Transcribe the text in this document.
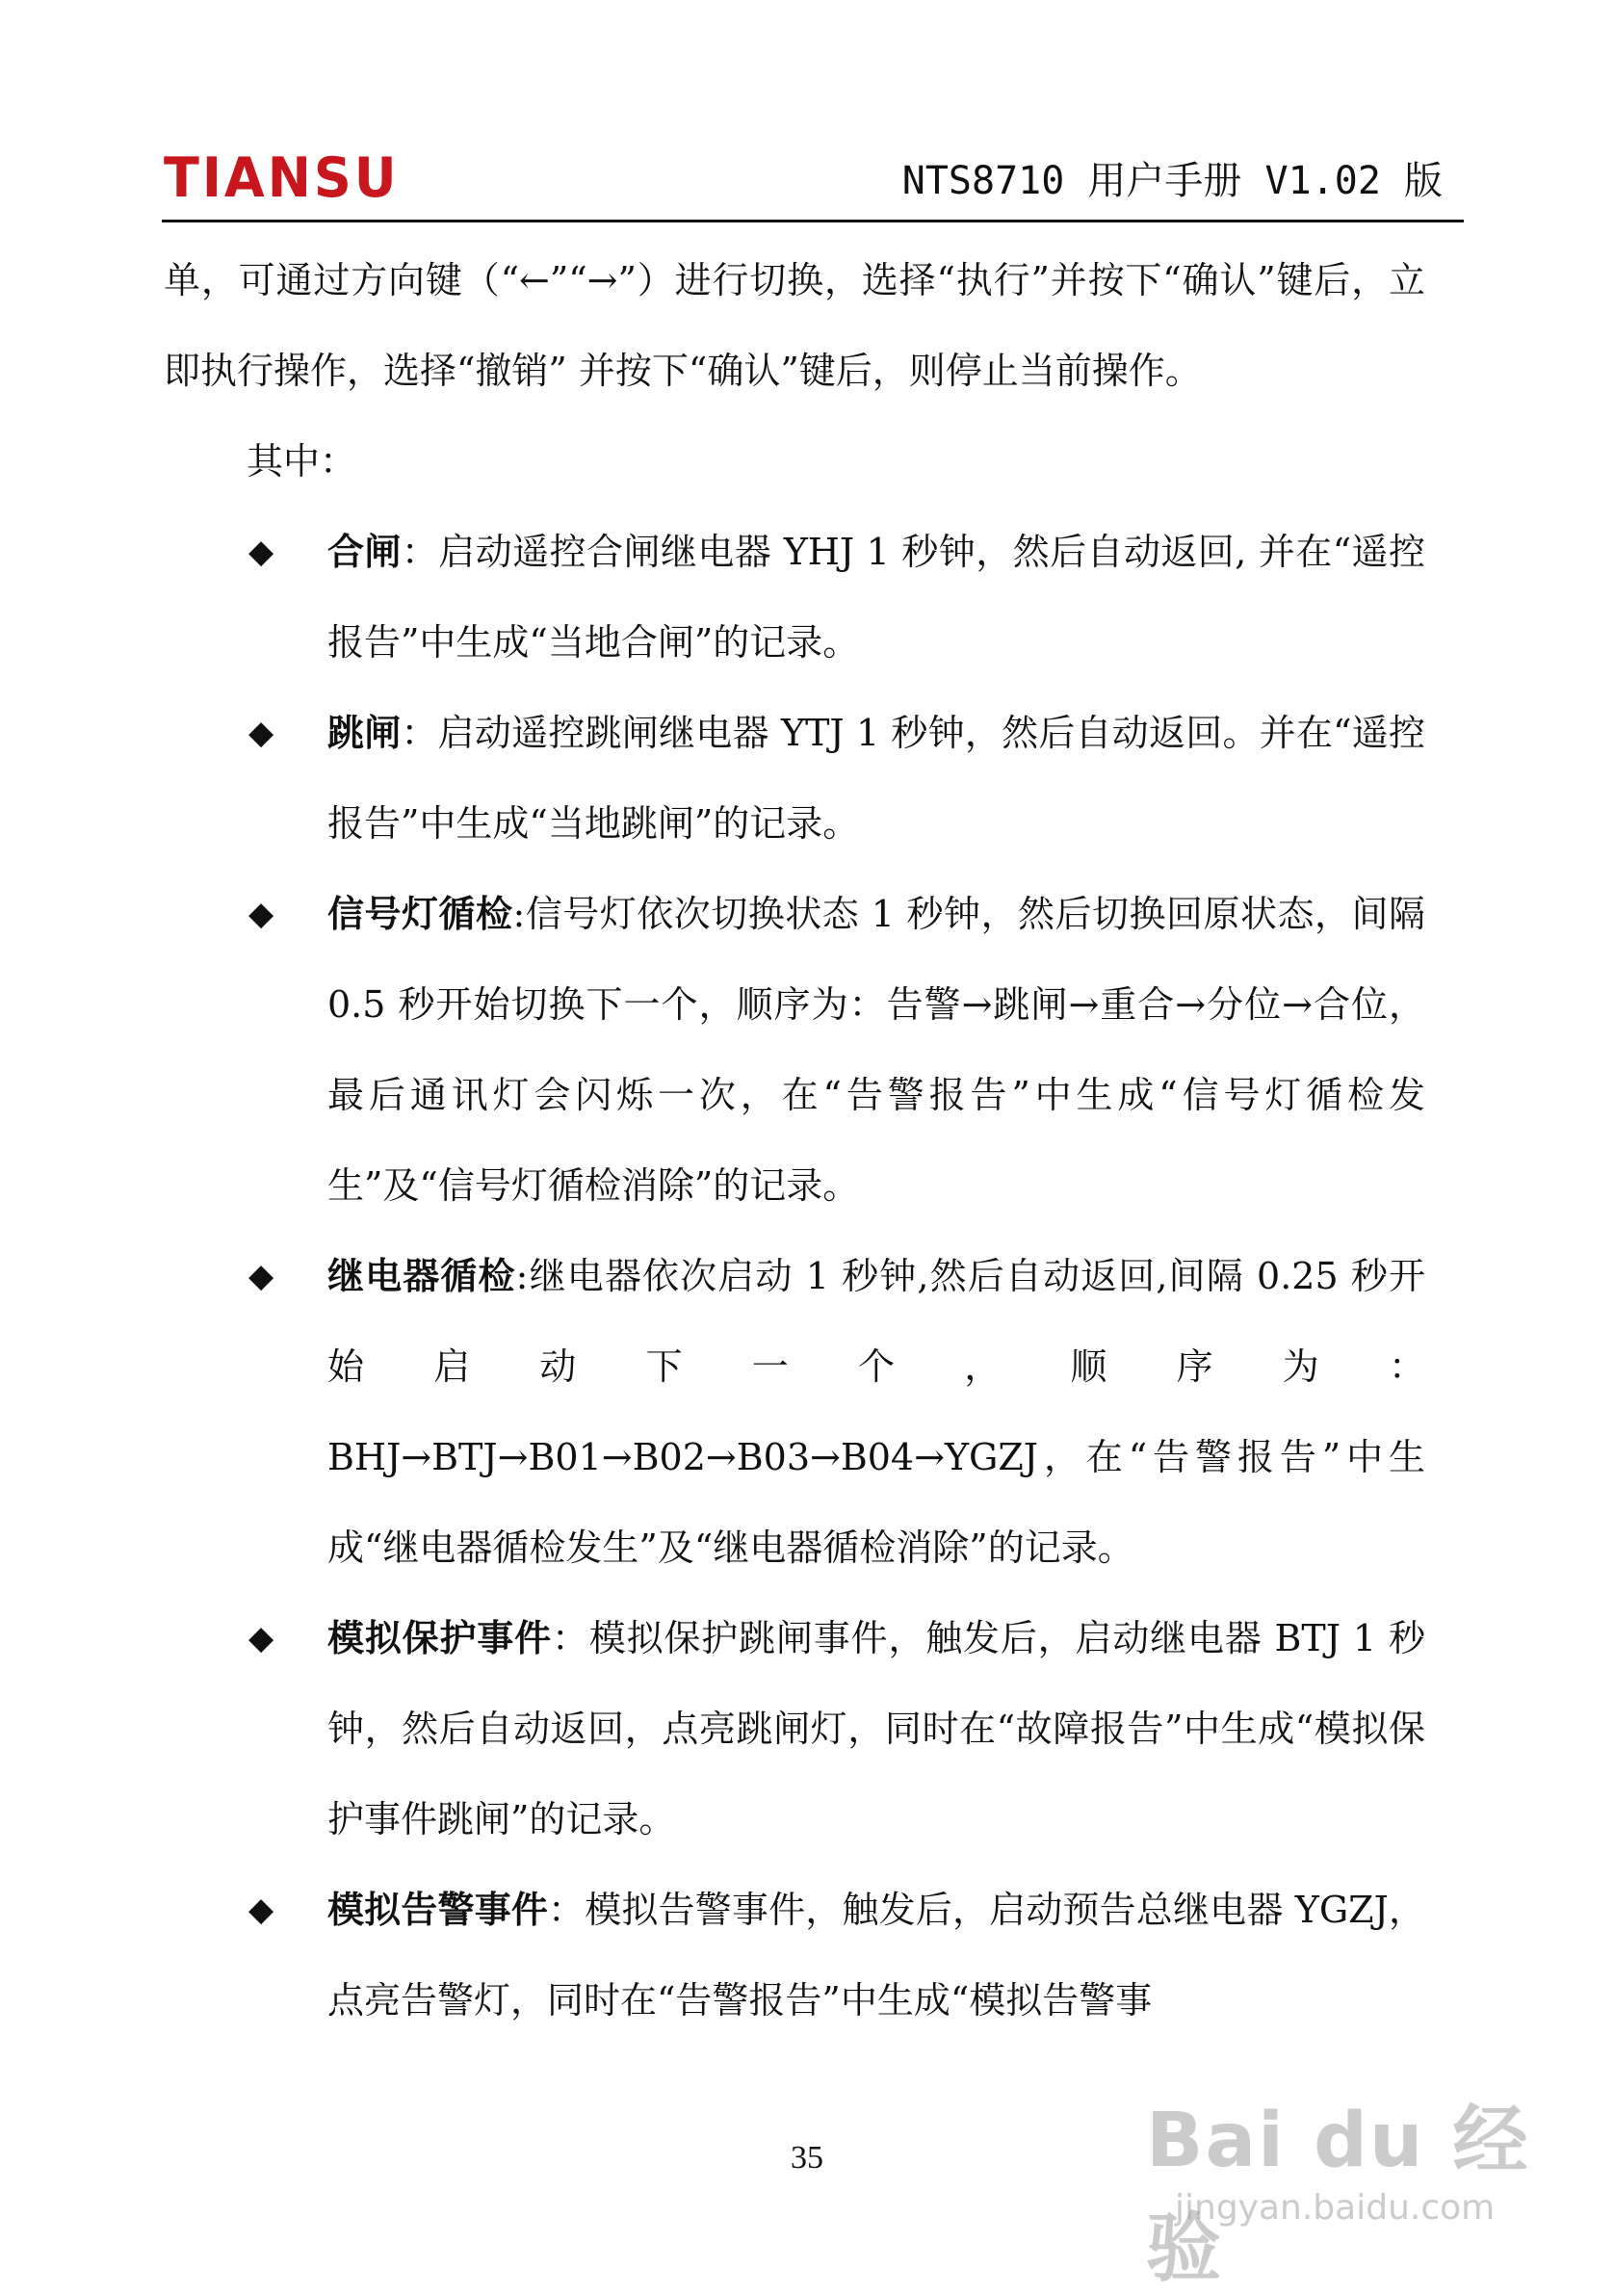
TIANSU	NTS8710 用户手册 V1.02 版

单，可通过方向键（“←”“→”）进行切换，选择“执行”并按下“确认”键后，立即执行操作，选择“撤销” 并按下“确认”键后，则停止当前操作。

其中：

◆ 合闸：启动遥控合闸继电器 YHJ 1 秒钟，然后自动返回, 并在“遥控报告”中生成“当地合闸”的记录。

◆ 跳闸：启动遥控跳闸继电器 YTJ 1 秒钟，然后自动返回。并在“遥控报告”中生成“当地跳闸”的记录。

◆ 信号灯循检:信号灯依次切换状态 1 秒钟，然后切换回原状态，间隔 0.5 秒开始切换下一个，顺序为：告警→跳闸→重合→分位→合位，最后通讯灯会闪烁一次，在“告警报告”中生成“信号灯循检发生”及“信号灯循检消除”的记录。

◆ 继电器循检:继电器依次启动 1 秒钟,然后自动返回,间隔 0.25 秒开始启动下一个，顺序为：BHJ→BTJ→B01→B02→B03→B04→YGZJ，在“告警报告”中生成“继电器循检发生”及“继电器循检消除”的记录。

◆ 模拟保护事件：模拟保护跳闸事件，触发后，启动继电器 BTJ 1 秒钟，然后自动返回，点亮跳闸灯，同时在“故障报告”中生成“模拟保护事件跳闸”的记录。

◆ 模拟告警事件：模拟告警事件，触发后，启动预告总继电器 YGZJ，点亮告警灯，同时在“告警报告”中生成“模拟告警事

35	Bai du 经验
jingyan.baidu.com
